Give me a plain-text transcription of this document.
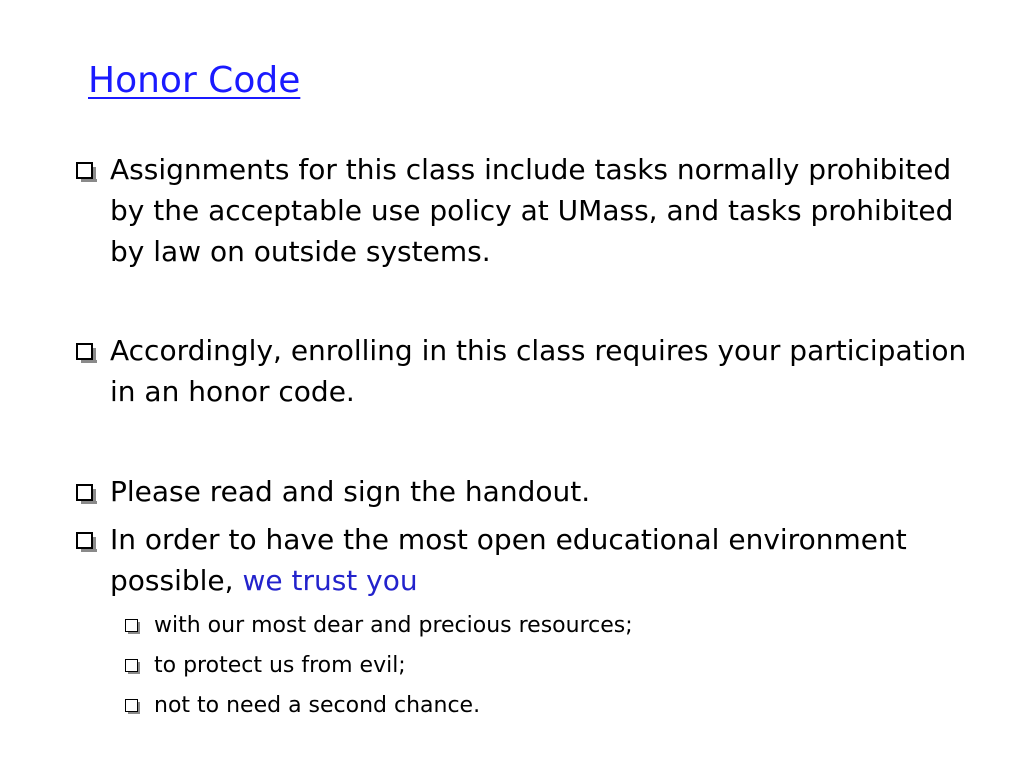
Honor Code
Assignments for this class include tasks normally prohibited by the acceptable use policy at UMass, and tasks prohibited by law on outside systems.
Accordingly, enrolling in this class requires your participation in an honor code.
Please read and sign the handout.
In order to have the most open educational environment possible, we trust you
with our most dear and precious resources;
to protect us from evil;
not to need a second chance.
